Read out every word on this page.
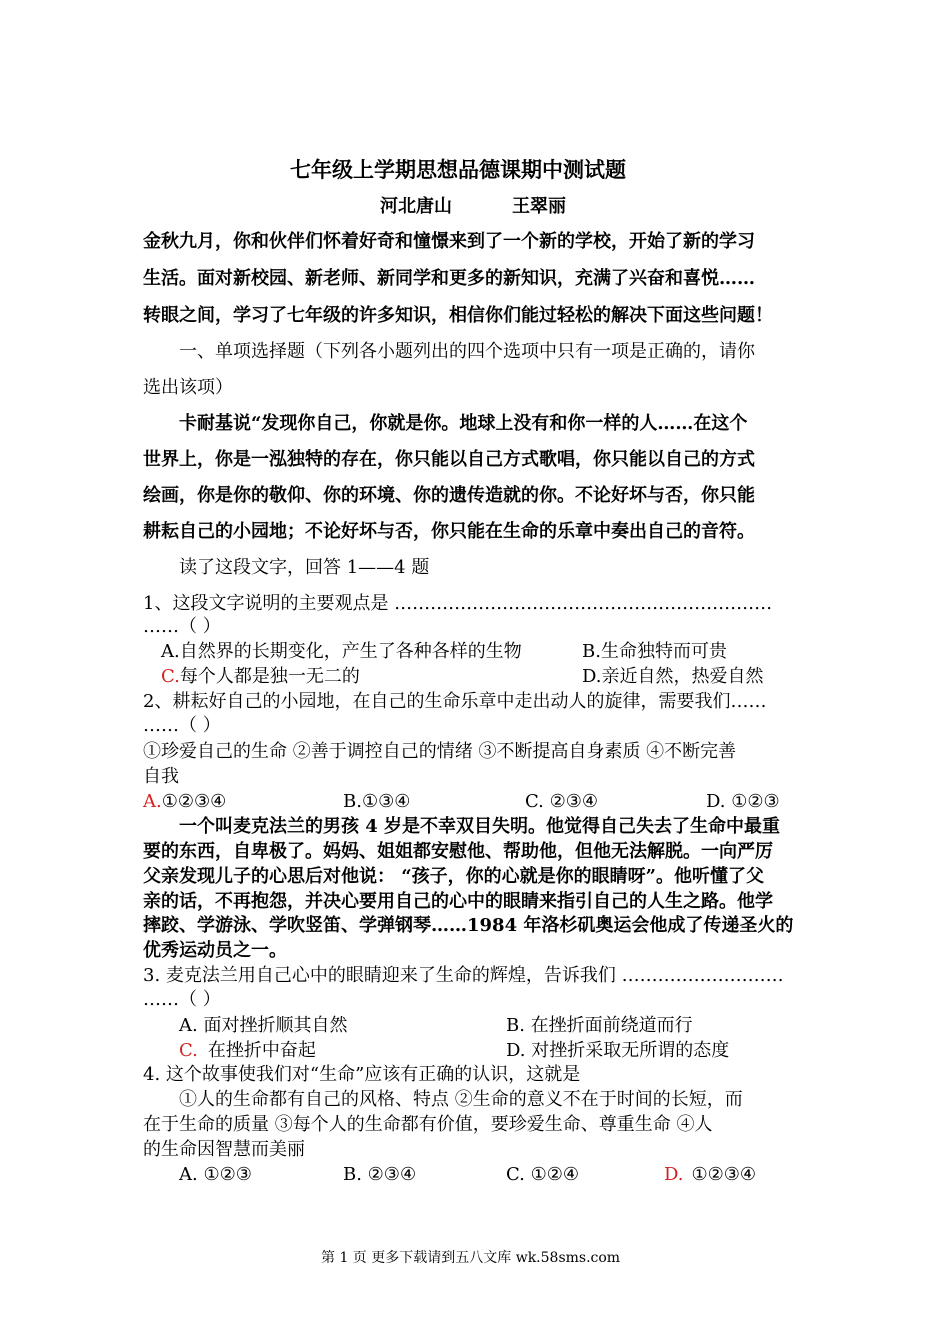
七年级上学期思想品德课期中测试题
河北唐山	王翠丽
金秋九月，你和伙伴们怀着好奇和憧憬来到了一个新的学校，开始了新的学习
生活。面对新校园、新老师、新同学和更多的新知识，充满了兴奋和喜悦……
转眼之间，学习了七年级的许多知识，相信你们能过轻松的解决下面这些问题！
一、单项选择题（下列各小题列出的四个选项中只有一项是正确的，请你
选出该项）
卡耐基说“发现你自己，你就是你。地球上没有和你一样的人……在这个
世界上，你是一泓独特的存在，你只能以自己方式歌唱，你只能以自己的方式
绘画，你是你的敬仰、你的环境、你的遗传造就的你。不论好坏与否，你只能
耕耘自己的小园地；不论好坏与否，你只能在生命的乐章中奏出自己的音符。
读了这段文字，回答 1——4 题
1、这段文字说明的主要观点是 ………………………………………………………
……（ ）
A.自然界的长期变化，产生了各种各样的生物	B.生命独特而可贵
C.每个人都是独一无二的	D.亲近自然，热爱自然
2、耕耘好自己的小园地，在自己的生命乐章中走出动人的旋律，需要我们……
……（ ）
①珍爱自己的生命 ②善于调控自己的情绪 ③不断提高自身素质 ④不断完善
自我
A.①②③④	B.①③④	C. ②③④	D. ①②③
一个叫麦克法兰的男孩 4 岁是不幸双目失明。他觉得自己失去了生命中最重
要的东西，自卑极了。妈妈、姐姐都安慰他、帮助他，但他无法解脱。一向严厉
父亲发现儿子的心思后对他说： “孩子，你的心就是你的眼睛呀”。他听懂了父
亲的话，不再抱怨，并决心要用自己的心中的眼睛来指引自己的人生之路。他学
摔跤、学游泳、学吹竖笛、学弹钢琴……1984 年洛杉矶奥运会他成了传递圣火的
优秀运动员之一。
3. 麦克法兰用自己心中的眼睛迎来了生命的辉煌，告诉我们 ………………………
……（ ）
A. 面对挫折顺其自然	B. 在挫折面前绕道而行
C. 在挫折中奋起	D. 对挫折采取无所谓的态度
4. 这个故事使我们对“生命”应该有正确的认识，这就是
①人的生命都有自己的风格、特点 ②生命的意义不在于时间的长短，而
在于生命的质量 ③每个人的生命都有价值，要珍爱生命、尊重生命 ④人
的生命因智慧而美丽
A. ①②③	B. ②③④	C. ①②④	D. ①②③④
第 1 页 更多下载请到五八文库 wk.58sms.com
